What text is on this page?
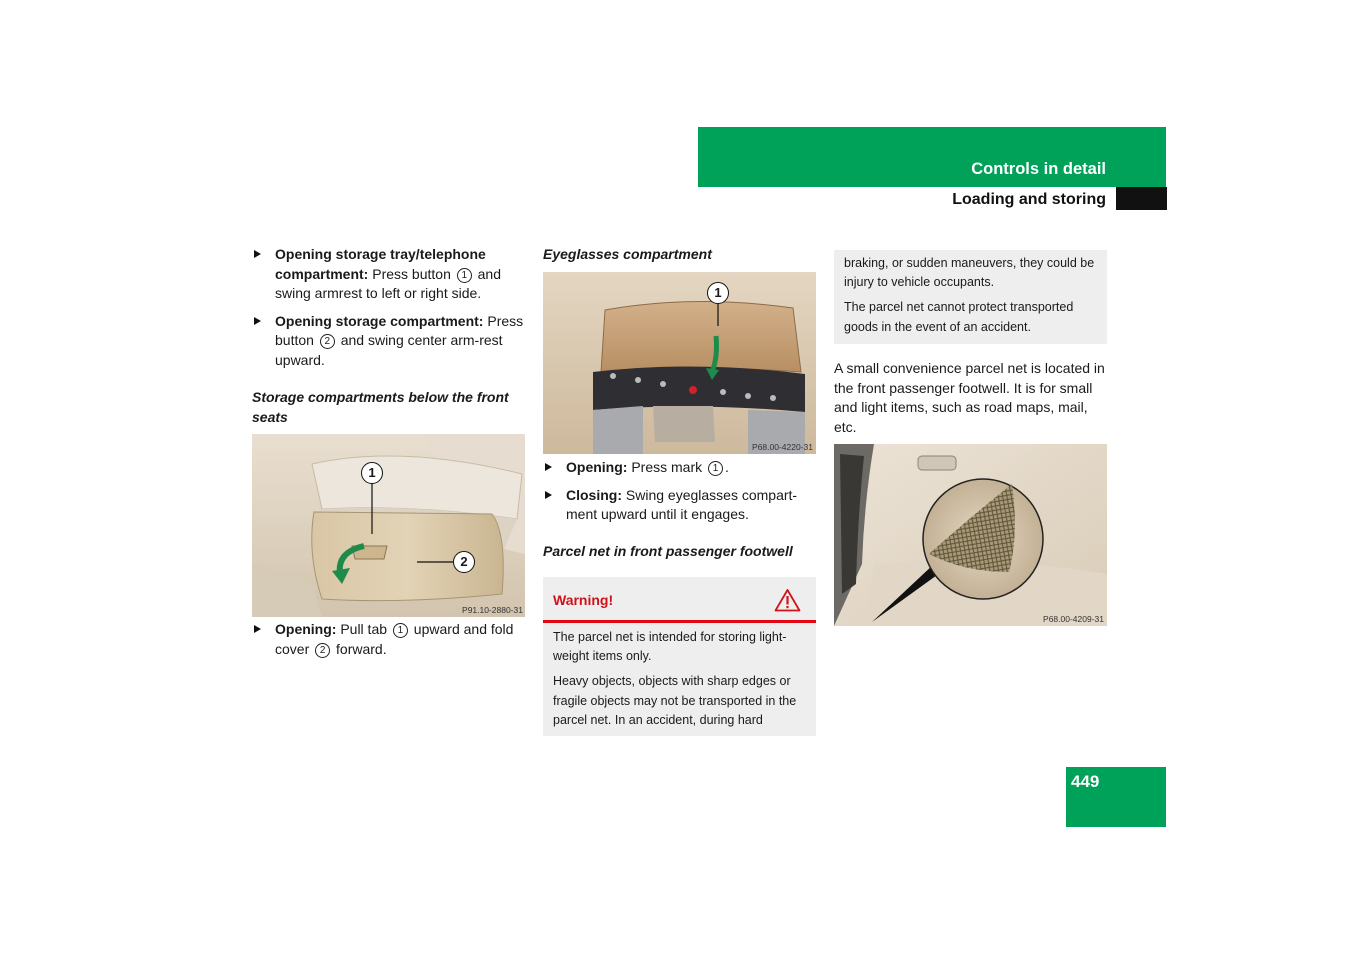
Controls in detail
Loading and storing
Opening storage tray/telephone compartment: Press button 1 and swing armrest to left or right side.
Opening storage compartment: Press button 2 and swing center arm-rest upward.
Storage compartments below the front seats
1
2
P91.10-2880-31
Opening: Pull tab 1 upward and fold cover 2 forward.
Eyeglasses compartment
1
P68.00-4220-31
Opening: Press mark 1 .
Closing: Swing eyeglasses compart-ment upward until it engages.
Parcel net in front passenger footwell
Warning!

The parcel net is intended for storing light-weight items only.

Heavy objects, objects with sharp edges or fragile objects may not be transported in the parcel net. In an accident, during hard

braking, or sudden maneuvers, they could be injury to vehicle occupants.

The parcel net cannot protect transported goods in the event of an accident.

A small convenience parcel net is located in the front passenger footwell. It is for small and light items, such as road maps, mail, etc.
P68.00-4209-31
449
